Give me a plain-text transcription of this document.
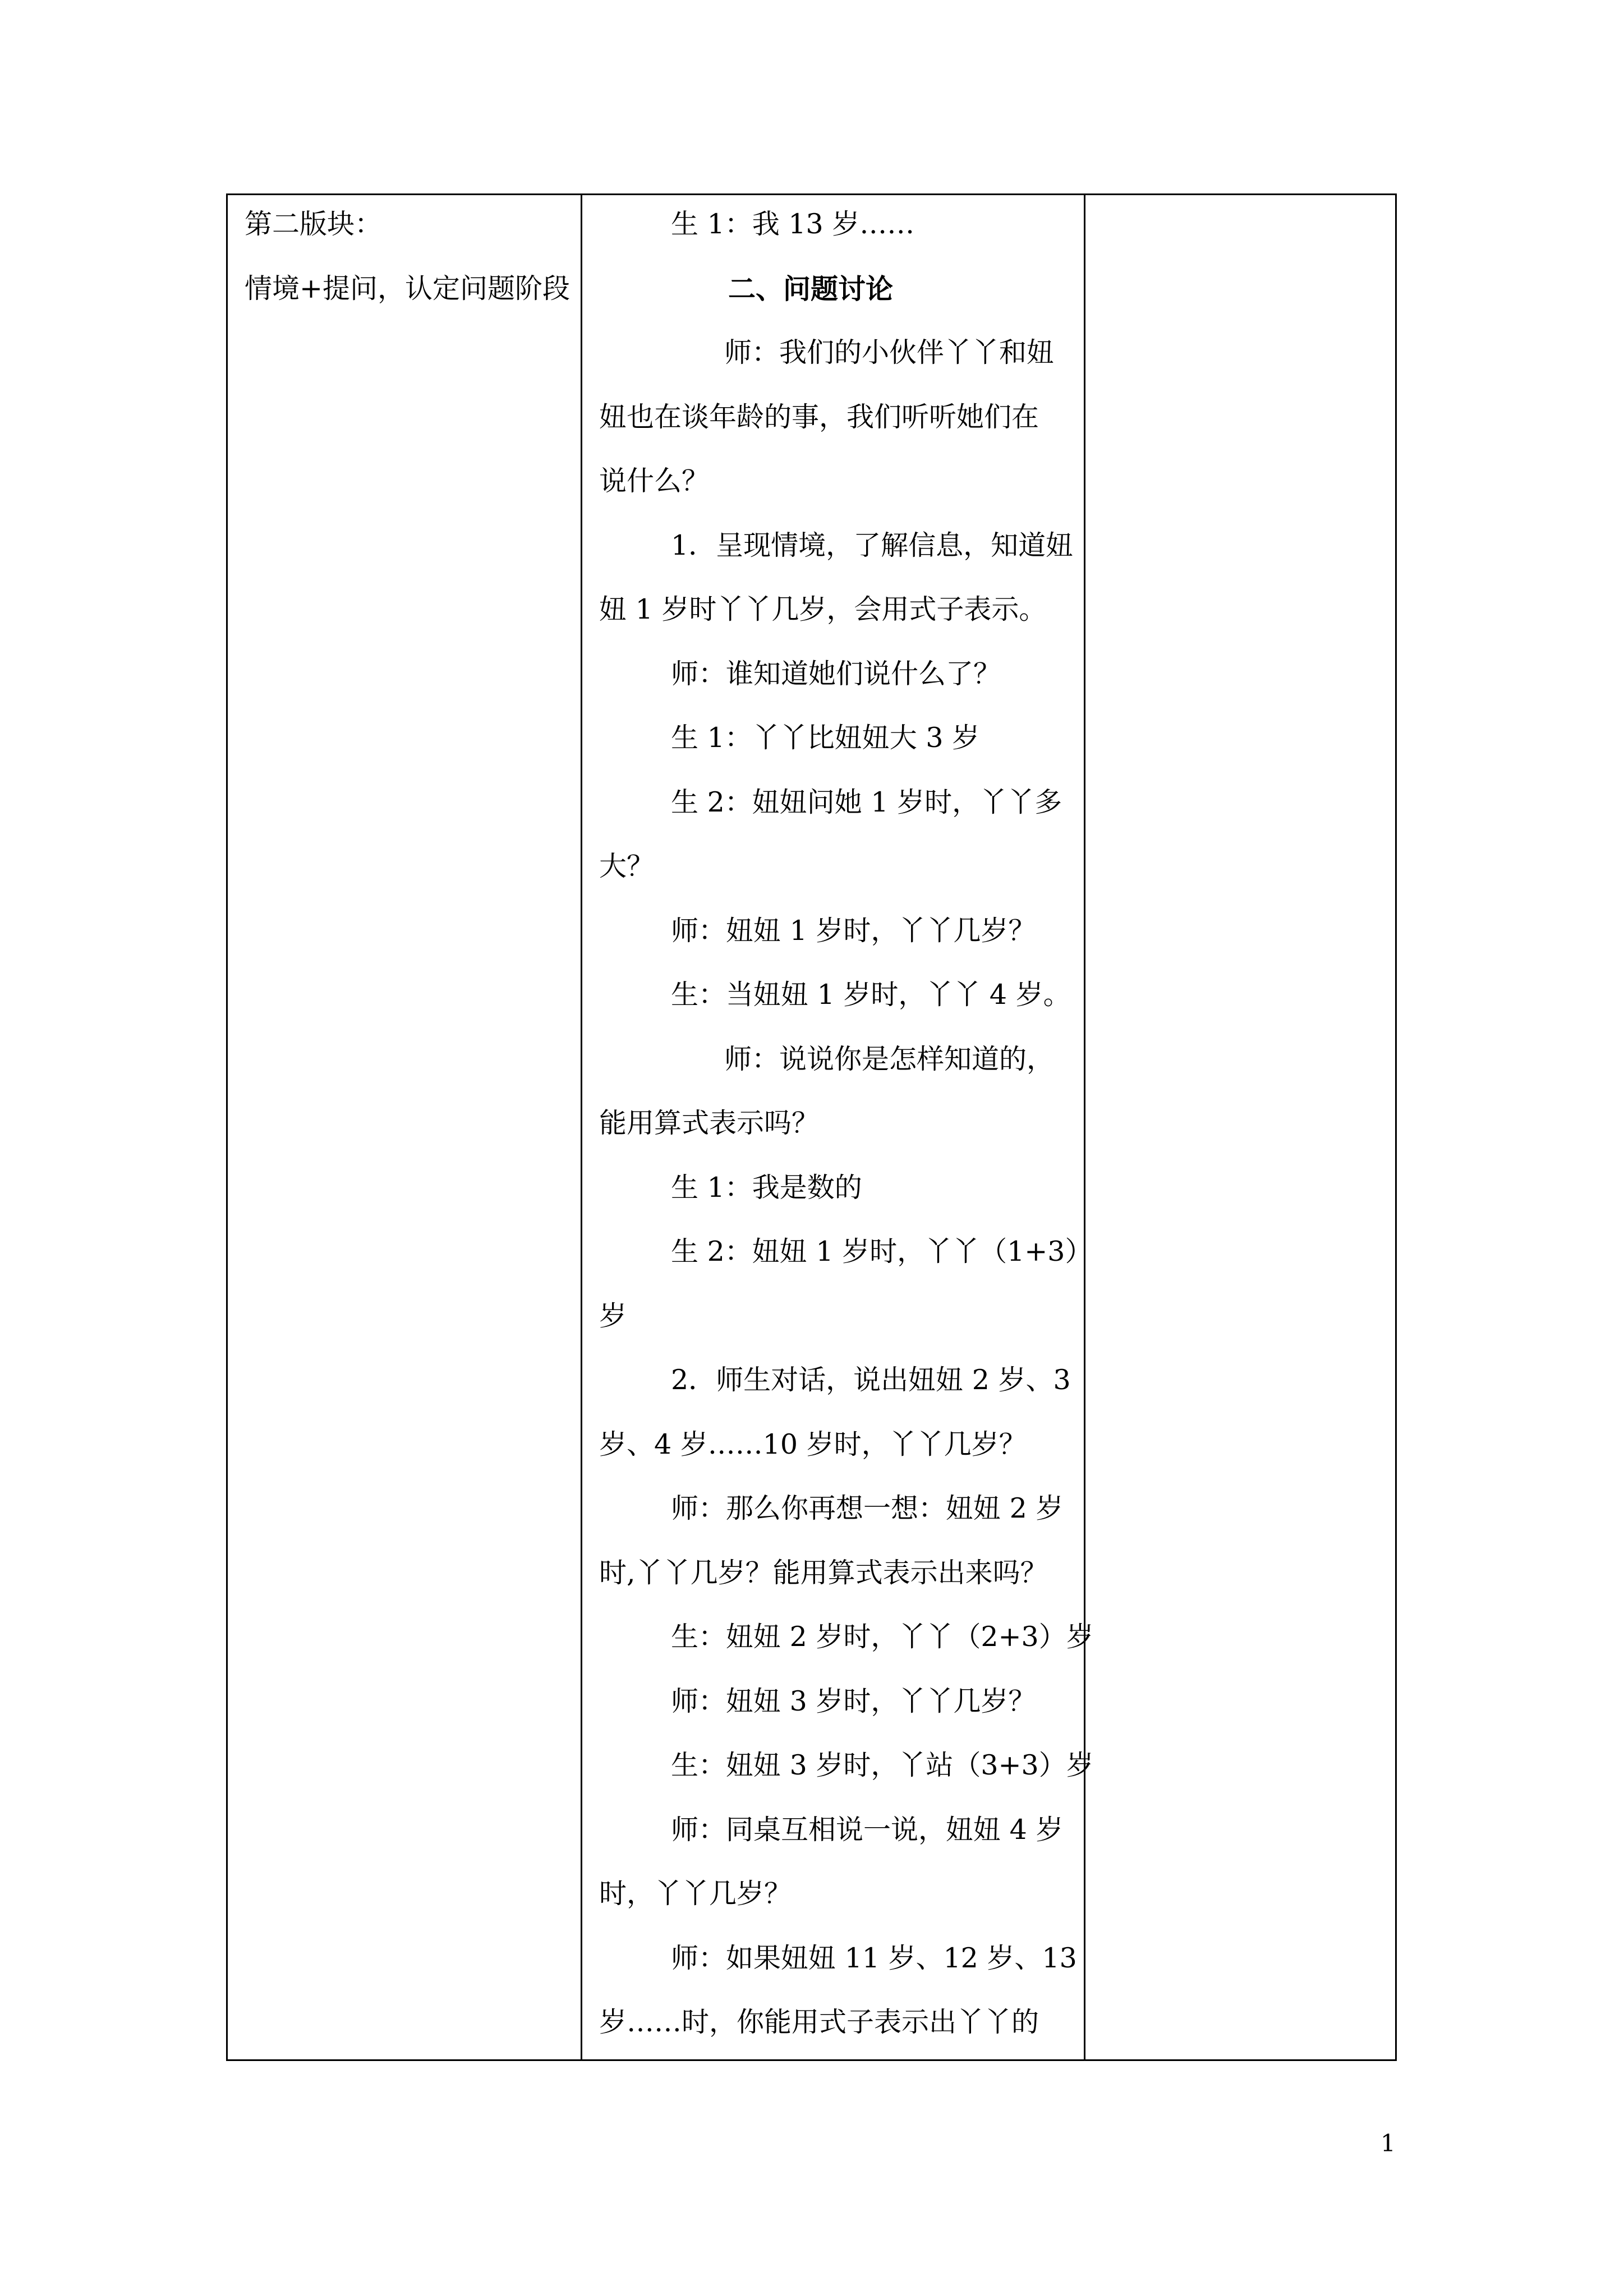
第二版块：
情境+提问，认定问题阶段
生 1：我 13 岁……
二、问题讨论
师：我们的小伙伴丫丫和妞
妞也在谈年龄的事，我们听听她们在
说什么？
1．呈现情境，了解信息，知道妞
妞 1 岁时丫丫几岁，会用式子表示。
师：谁知道她们说什么了？
生 1：丫丫比妞妞大 3 岁
生 2：妞妞问她 1 岁时，丫丫多
大？
师：妞妞 1 岁时，丫丫几岁？
生：当妞妞 1 岁时，丫丫 4 岁。
师：说说你是怎样知道的，
能用算式表示吗？
生 1：我是数的
生 2：妞妞 1 岁时，丫丫（1+3）
岁
2．师生对话，说出妞妞 2 岁、3
岁、4 岁……10 岁时，丫丫几岁？
师：那么你再想一想：妞妞 2 岁
时,丫丫几岁？能用算式表示出来吗？
生：妞妞 2 岁时，丫丫（2+3）岁
师：妞妞 3 岁时，丫丫几岁？
生：妞妞 3 岁时，丫站（3+3）岁
师：同桌互相说一说，妞妞 4 岁
时，丫丫几岁？
师：如果妞妞 11 岁、12 岁、13
岁……时，你能用式子表示出丫丫的
1
